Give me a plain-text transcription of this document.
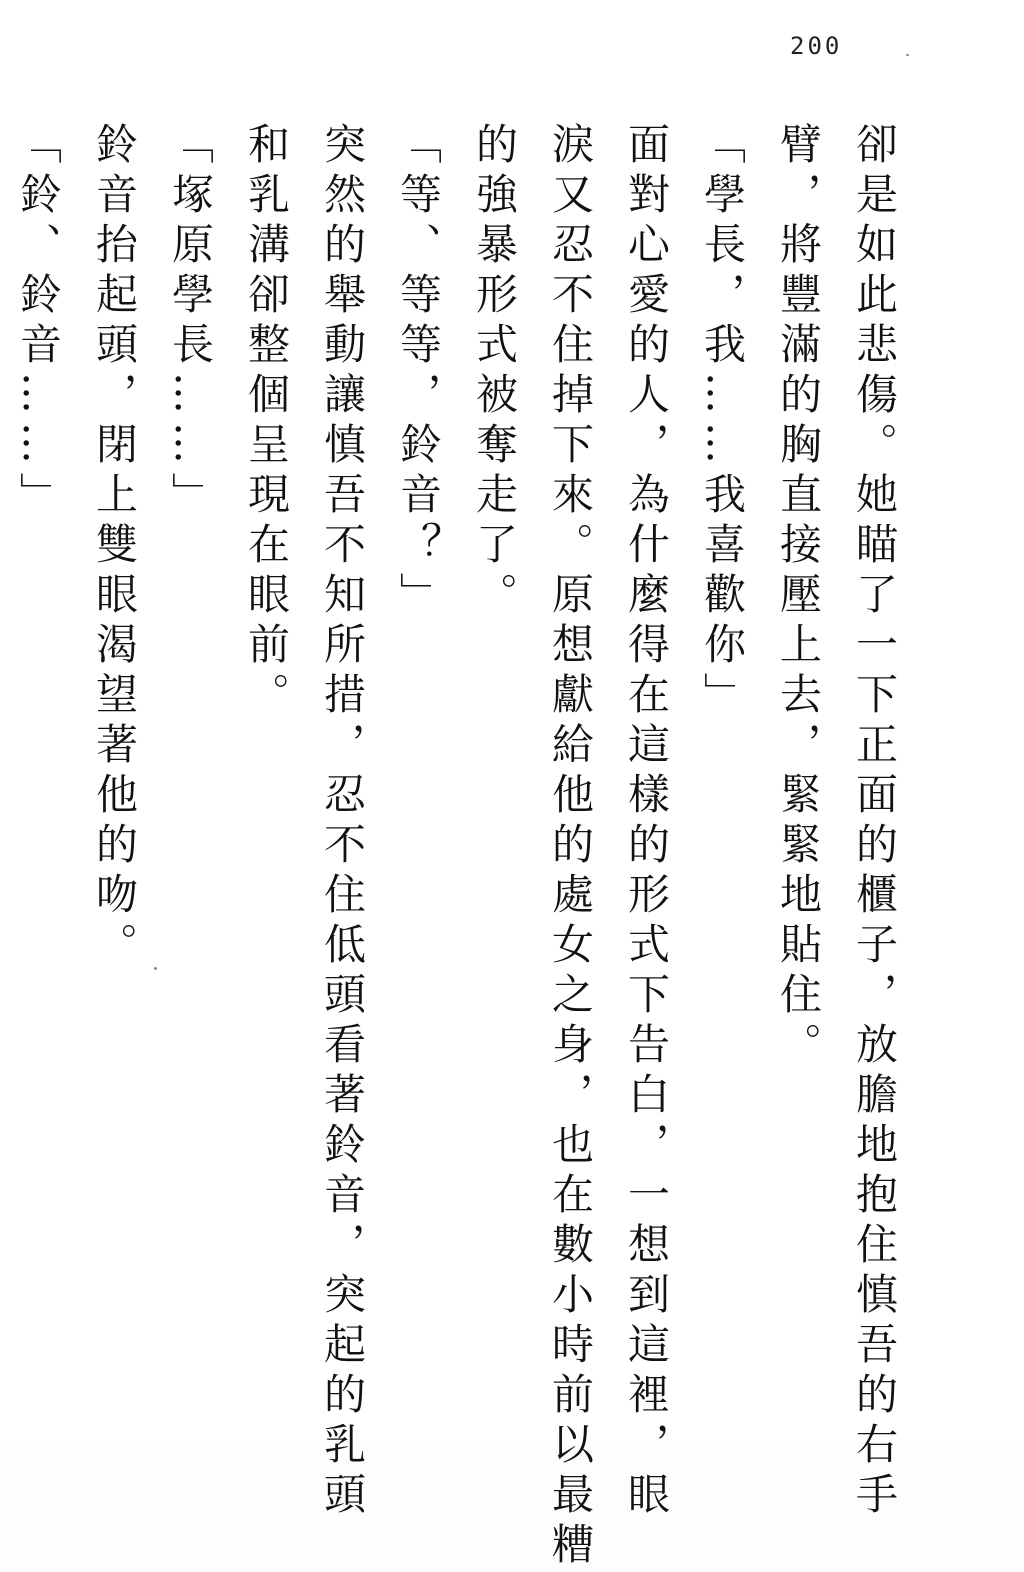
200
卻是如此悲傷。她瞄了一下正面的櫃子，放膽地抱住慎吾的右手
臂，將豐滿的胸直接壓上去，緊緊地貼住。
「學長，我……我喜歡你」
面對心愛的人，為什麼得在這樣的形式下告白，一想到這裡，眼
淚又忍不住掉下來。原想獻給他的處女之身，也在數小時前以最糟
的強暴形式被奪走了。
「等、等等，鈴音？」
突然的舉動讓慎吾不知所措，忍不住低頭看著鈴音，突起的乳頭
和乳溝卻整個呈現在眼前。
「塚原學長……」
鈴音抬起頭，閉上雙眼渴望著他的吻。
「鈴、鈴音……」
